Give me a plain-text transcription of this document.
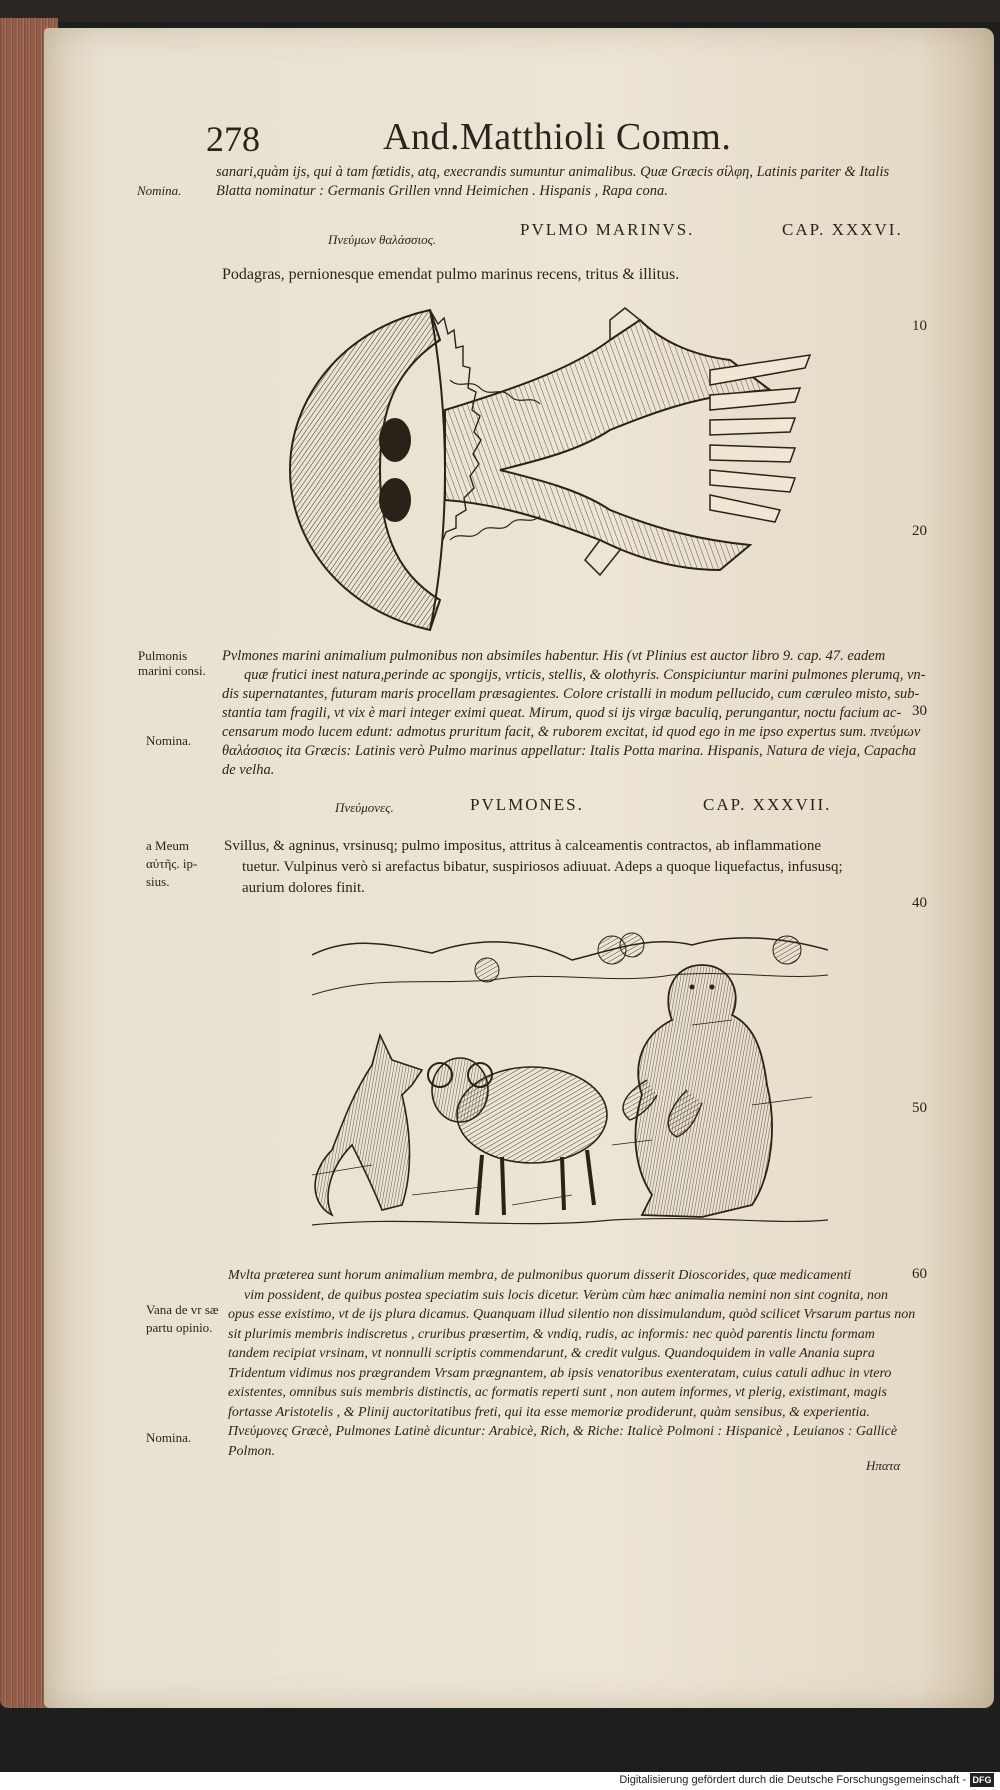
278	And.Matthioli Comm.
Nomina.
sanari,quàm ijs, qui à tam fœtidis, atq, execrandis sumuntur animalibus. Quæ Græcis σίλφη, Latinis pariter & Italis
Blatta nominatur : Germanis Grillen vnnd Heimichen . Hispanis , Rapa cona.
Πνεύμων θαλάσσιος.
PVLMO MARINVS.	CAP. XXXVI.
Podagras, pernionesque emendat pulmo marinus recens, tritus & illitus.
Pulmonis marini consi.
Nomina.
Pvlmones marini animalium pulmonibus non absimiles habentur. His (vt Plinius est auctor libro 9. cap. 47. eadem
quæ frutici inest natura,perinde ac spongijs, vrticis, stellis, & olothyris. Conspiciuntur marini pulmones plerumq, vn-
dis supernatantes, futuram maris procellam præsagientes. Colore cristalli in modum pellucido, cum cæruleo misto, sub-
stantia tam fragili, vt vix è mari integer eximi queat. Mirum, quod si ijs virgæ baculiq, perungantur, noctu facium ac-
censarum modo lucem edunt: admotus pruritum facit, & ruborem excitat, id quod ego in me ipso expertus sum. πνεύμων
θαλάσσιος ita Græcis: Latinis verò Pulmo marinus appellatur: Italis Potta marina. Hispanis, Natura de vieja, Capacha
de velha.
Πνεύμονες.	PVLMONES.	CAP. XXXVII.
a Meum
αὐτῆς. ip-
sius.
Svillus, & agninus, vrsinusq; pulmo impositus, attritus à calceamentis contractos, ab inflammatione
tuetur. Vulpinus verò si arefactus bibatur, suspiriosos adiuuat. Adeps a quoque liquefactus, infususq;
aurium dolores finit.
Vana de vr sæ
partu opinio.
Nomina.
Mvlta præterea sunt horum animalium membra, de pulmonibus quorum disserit Dioscorides, quæ medicamenti
vim possident, de quibus postea speciatim suis locis dicetur. Verùm cùm hæc animalia nemini non sint cognita, non
opus esse existimo, vt de ijs plura dicamus. Quanquam illud silentio non dissimulandum, quòd scilicet Vrsarum partus non
sit plurimis membris indiscretus , cruribus præsertim, & vndiq, rudis, ac informis: nec quòd parentis linctu formam
tandem recipiat vrsinam, vt nonnulli scriptis commendarunt, & credit vulgus. Quandoquidem in valle Anania supra
Tridentum vidimus nos prægrandem Vrsam prægnantem, ab ipsis venatoribus exenteratam, cuius catuli adhuc in vtero
existentes, omnibus suis membris distinctis, ac formatis reperti sunt , non autem informes, vt plerig, existimant, magis
fortasse Aristotelis , & Plinij auctoritatibus freti, qui ita esse memoriæ prodiderunt, quàm sensibus, & experientia.
Πνεύμονες Græcè, Pulmones Latinè dicuntur: Arabicè, Rich, & Riche: Italicè Polmoni : Hispanicè , Leuianos : Gallicè
Polmon.
Ηπατα
10
20
30
40
50
60
Digitalisierung gefördert durch die Deutsche Forschungsgemeinschaft - DFG
